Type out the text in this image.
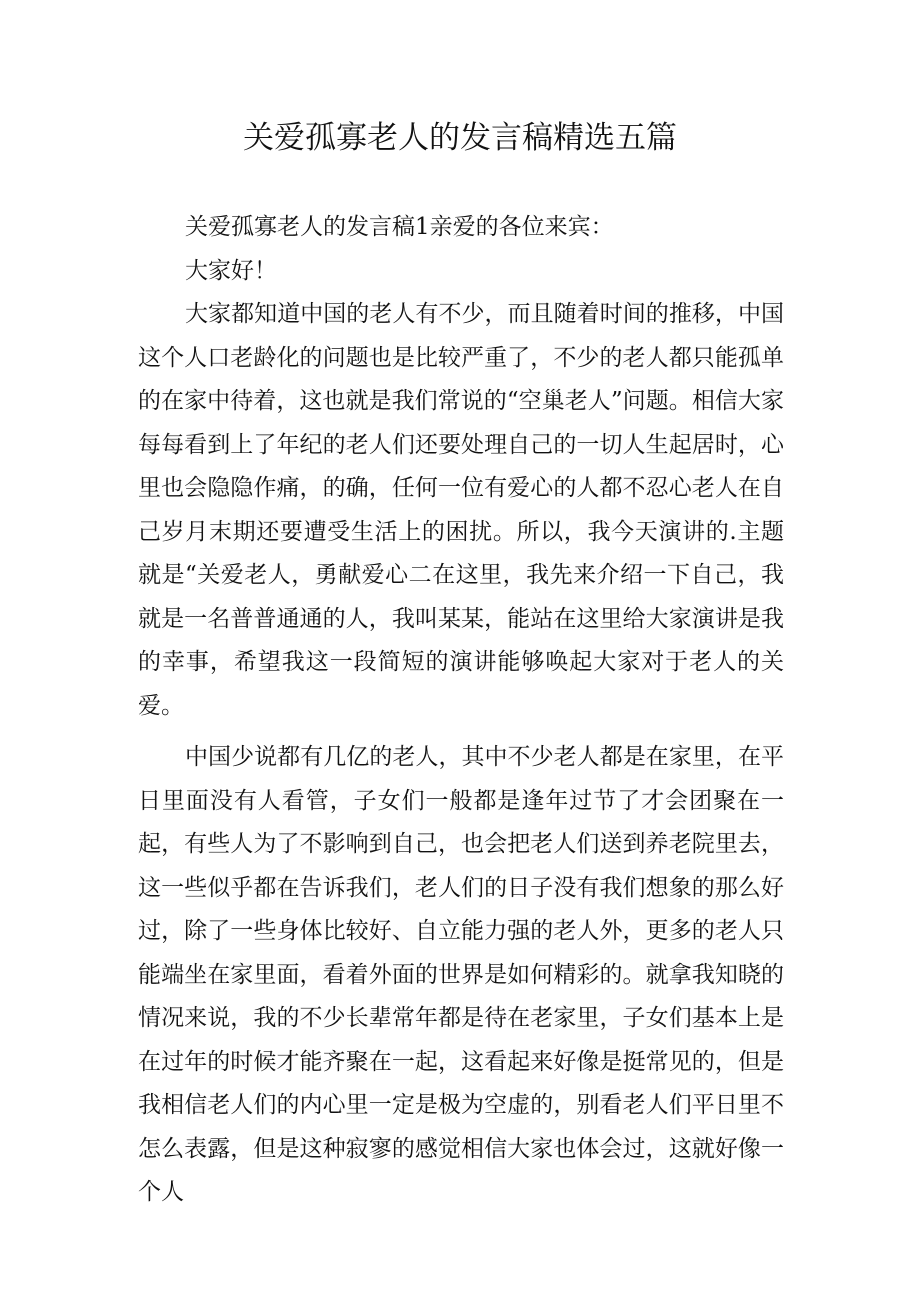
关爱孤寡老人的发言稿精选五篇

关爱孤寡老人的发言稿1亲爱的各位来宾：

大家好！

大家都知道中国的老人有不少，而且随着时间的推移，中国这个人口老龄化的问题也是比较严重了，不少的老人都只能孤单的在家中待着，这也就是我们常说的“空巢老人”问题。相信大家每每看到上了年纪的老人们还要处理自己的一切人生起居时，心里也会隐隐作痛，的确，任何一位有爱心的人都不忍心老人在自己岁月末期还要遭受生活上的困扰。所以，我今天演讲的.主题就是“关爱老人，勇献爱心二在这里，我先来介绍一下自己，我就是一名普普通通的人，我叫某某，能站在这里给大家演讲是我的幸事，希望我这一段简短的演讲能够唤起大家对于老人的关爱。

中国少说都有几亿的老人，其中不少老人都是在家里，在平日里面没有人看管，子女们一般都是逢年过节了才会团聚在一起，有些人为了不影响到自己，也会把老人们送到养老院里去，这一些似乎都在告诉我们，老人们的日子没有我们想象的那么好过，除了一些身体比较好、自立能力强的老人外，更多的老人只能端坐在家里面，看着外面的世界是如何精彩的。就拿我知晓的情况来说，我的不少长辈常年都是待在老家里，子女们基本上是在过年的时候才能齐聚在一起，这看起来好像是挺常见的，但是我相信老人们的内心里一定是极为空虚的，别看老人们平日里不怎么表露，但是这种寂寥的感觉相信大家也体会过，这就好像一个人
